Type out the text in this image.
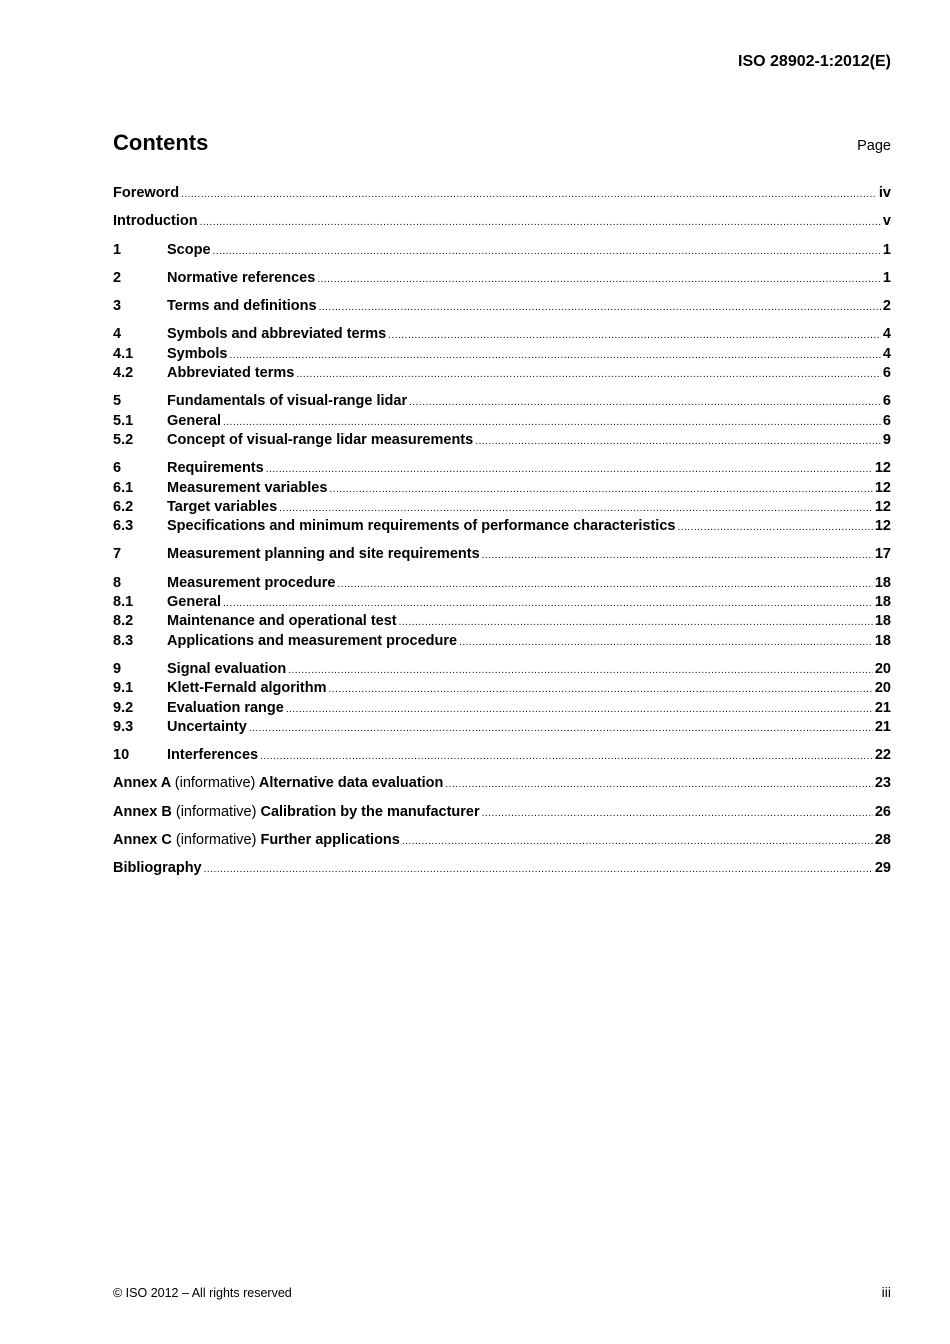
ISO 28902-1:2012(E)
Contents	Page
Foreword .....	iv
Introduction .....	v
1	Scope .....	1
2	Normative references .....	1
3	Terms and definitions .....	2
4	Symbols and abbreviated terms .....	4
4.1	Symbols .....	4
4.2	Abbreviated terms .....	6
5	Fundamentals of visual-range lidar .....	6
5.1	General .....	6
5.2	Concept of visual-range lidar measurements .....	9
6	Requirements .....	12
6.1	Measurement variables .....	12
6.2	Target variables .....	12
6.3	Specifications and minimum requirements of performance characteristics .....	12
7	Measurement planning and site requirements .....	17
8	Measurement procedure .....	18
8.1	General .....	18
8.2	Maintenance and operational test .....	18
8.3	Applications and measurement procedure .....	18
9	Signal evaluation .....	20
9.1	Klett-Fernald algorithm .....	20
9.2	Evaluation range .....	21
9.3	Uncertainty .....	21
10	Interferences .....	22
Annex A (informative) Alternative data evaluation .....	23
Annex B (informative) Calibration by the manufacturer .....	26
Annex C (informative) Further applications .....	28
Bibliography .....	29
© ISO 2012 – All rights reserved	iii
